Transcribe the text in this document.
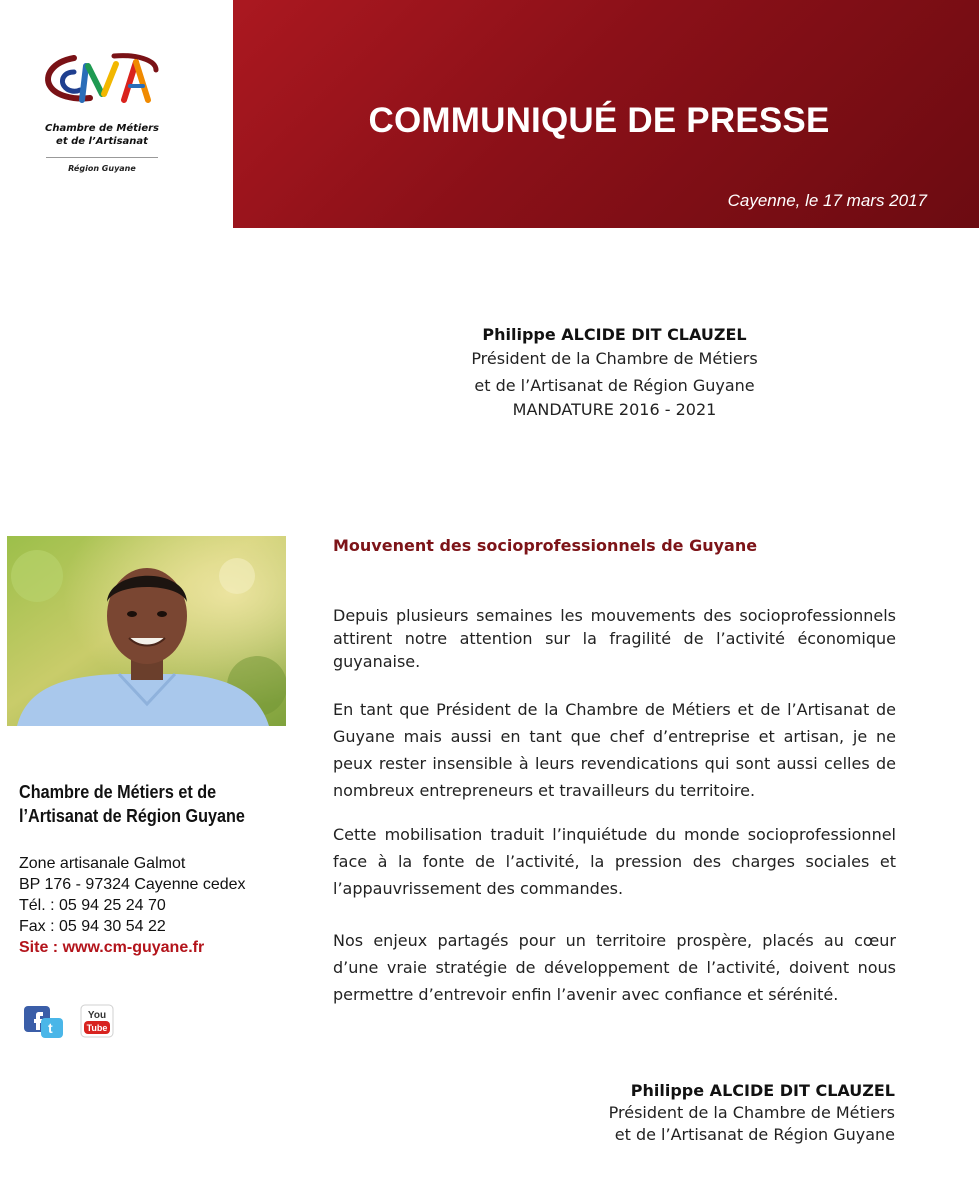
Chambre de Métiers
et de l’Artisanat
Région Guyane
COMMUNIQUÉ DE PRESSE
Cayenne, le 17 mars 2017
Philippe ALCIDE DIT CLAUZEL
Président de la Chambre de Métiers
et de l’Artisanat de Région Guyane
MANDATURE 2016 - 2021
Chambre de Métiers et de
l’Artisanat de Région Guyane
Zone artisanale Galmot
BP 176 - 97324 Cayenne cedex
Tél. : 05 94 25 24 70
Fax : 05 94 30 54 22
Site : www.cm-guyane.fr
t
You
Tube
Mouvenent des socioprofessionnels de Guyane

Depuis plusieurs semaines les mouvements des socioprofessionnels attirent notre attention sur la fragilité de l’activité économique guyanaise.

En tant que Président de la Chambre de Métiers et de l’Artisanat de Guyane mais aussi en tant que chef d’entreprise et artisan, je ne peux rester insensible à leurs revendications qui sont aussi celles de nombreux entrepreneurs et travailleurs du territoire.

Cette mobilisation traduit l’inquiétude du monde socioprofessionnel face à la fonte de l’activité, la pression des charges sociales et l’appauvrissement des commandes.

Nos enjeux partagés pour un territoire prospère, placés au cœur d’une vraie stratégie de développement de l’activité, doivent nous permettre d’entrevoir enfin l’avenir avec confiance et sérénité.

Philippe ALCIDE DIT CLAUZEL
Président de la Chambre de Métiers
et de l’Artisanat de Région Guyane
